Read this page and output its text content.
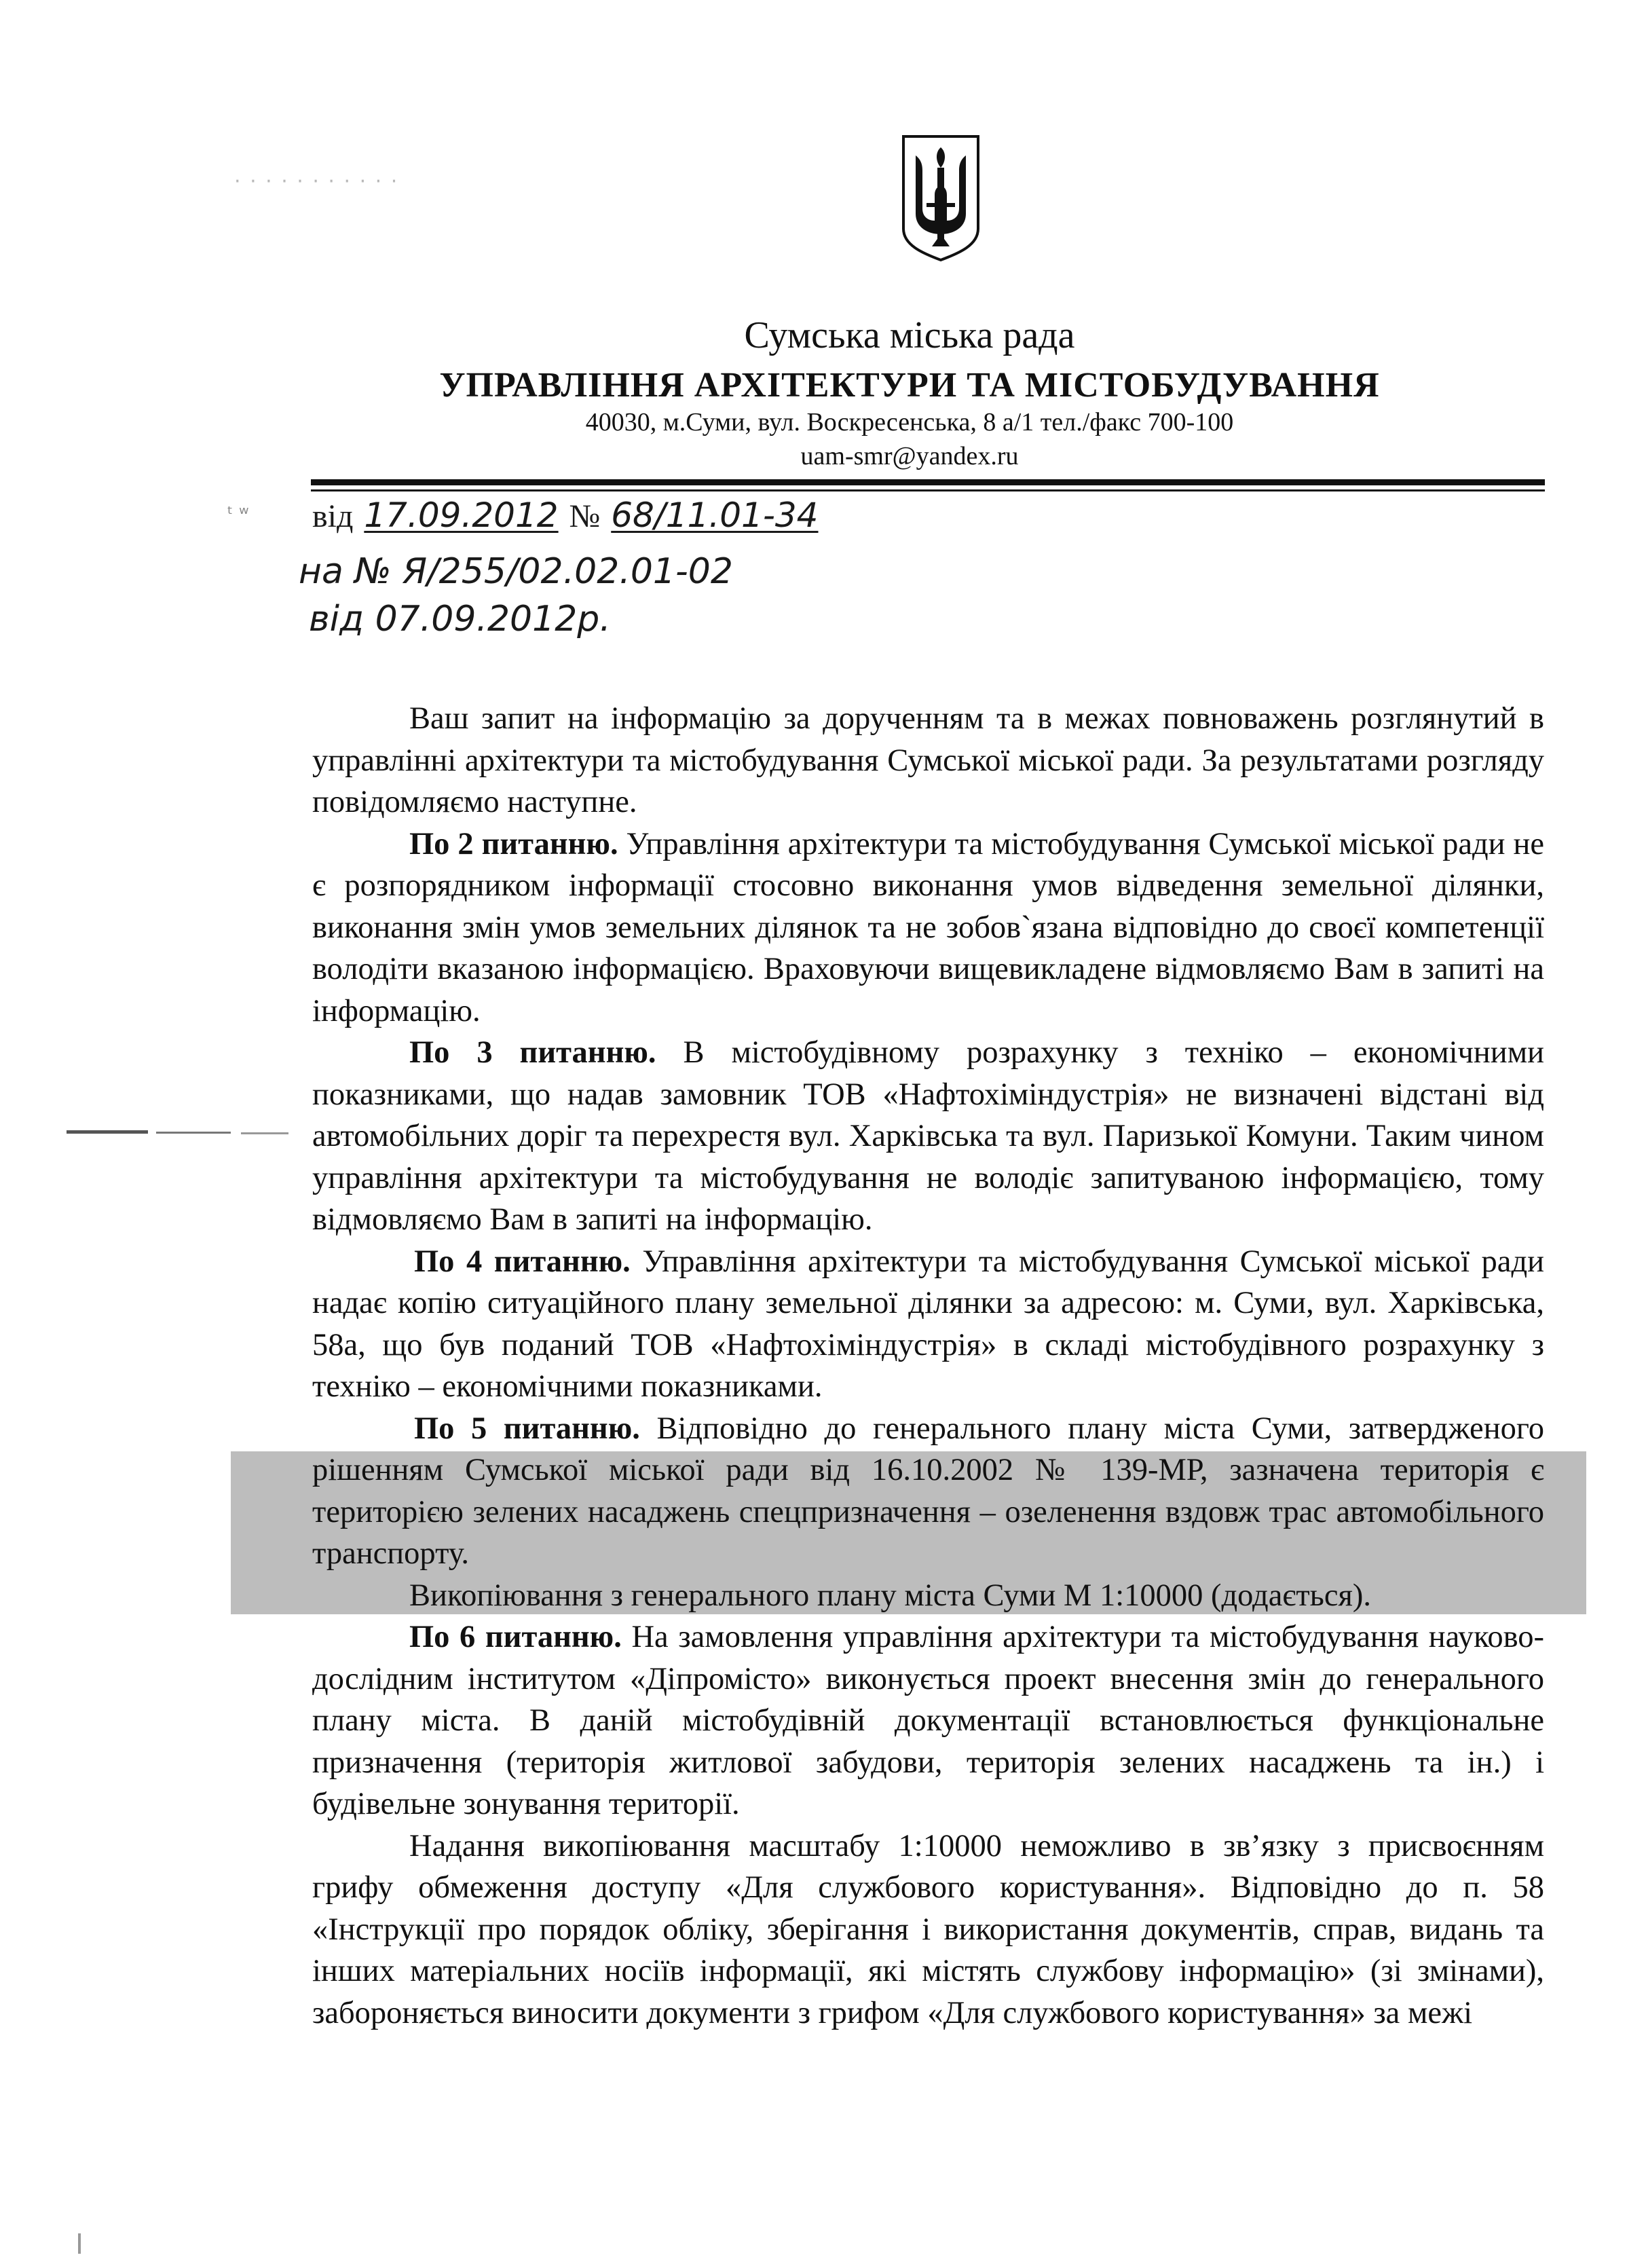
· · · · · · · · · · ·
ᵗ ʷ
Сумська міська рада
УПРАВЛІННЯ АРХІТЕКТУРИ ТА МІСТОБУДУВАННЯ
40030, м.Суми, вул. Воскресенська, 8 а/1 тел./факс 700-100
uam-smr@yandex.ru
від 17.09.2012 № 68/11.01-34
на № Я/255/02.02.01-02
від 07.09.2012р.

Ваш запит на інформацію за дорученням та в межах повноважень розглянутий в управлінні архітектури та містобудування Сумської міської ради. За результатами розгляду повідомляємо наступне.

По 2 питанню. Управління архітектури та містобудування Сумської міської ради не є розпорядником інформації стосовно виконання умов відведення земельної ділянки, виконання змін умов земельних ділянок та не зобов`язана відповідно до своєї компетенції володіти вказаною інформацією. Враховуючи вищевикладене відмовляємо Вам в запиті на інформацію.

По 3 питанню. В містобудівному розрахунку з техніко – економічними показниками, що надав замовник ТОВ «Нафтохіміндустрія» не визначені відстані від автомобільних доріг та перехрестя вул. Харківська та вул. Паризької Комуни. Таким чином управління архітектури та містобудування не володіє запитуваною інформацією, тому відмовляємо Вам в запиті на інформацію.

По 4 питанню. Управління архітектури та містобудування Сумської міської ради надає копію ситуаційного плану земельної ділянки за адресою: м. Суми, вул. Харківська, 58а, що був поданий ТОВ «Нафтохіміндустрія» в складі містобудівного розрахунку з техніко – економічними показниками.

По 5 питанню. Відповідно до генерального плану міста Суми, затвердженого рішенням Сумської міської ради від 16.10.2002 № 139-МР, зазначена територія є територією зелених насаджень спецпризначення – озеленення вздовж трас автомобільного транспорту.

Викопіювання з генерального плану міста Суми М 1:10000 (додається).

По 6 питанню. На замовлення управління архітектури та містобудування науково-дослідним інститутом «Діпромісто» виконується проект внесення змін до генерального плану міста. В даній містобудівній документації встановлюється функціональне призначення (територія житлової забудови, територія зелених насаджень та ін.) і будівельне зонування території.

Надання викопіювання масштабу 1:10000 неможливо в зв’язку з присвоєнням грифу обмеження доступу «Для службового користування». Відповідно до п. 58 «Інструкції про порядок обліку, зберігання і використання документів, справ, видань та інших матеріальних носіїв інформації, які містять службову інформацію» (зі змінами), забороняється виносити документи з грифом «Для службового користування» за межі
